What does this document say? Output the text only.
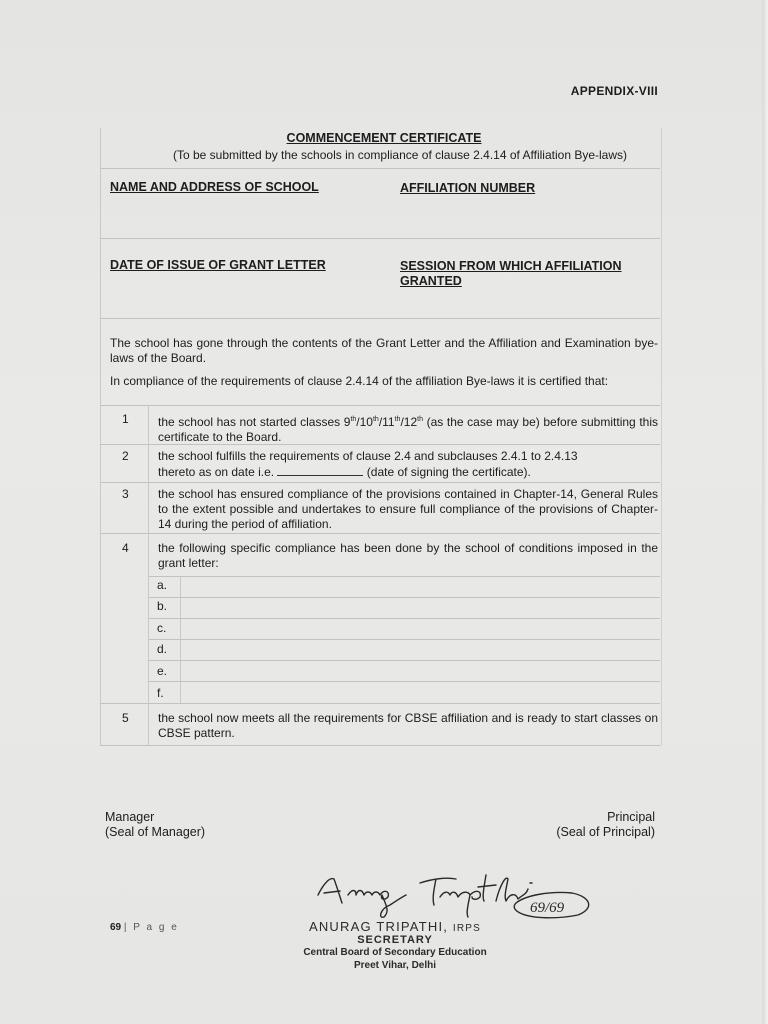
APPENDIX-VIII
COMMENCEMENT CERTIFICATE
(To be submitted by the schools in compliance of clause 2.4.14 of Affiliation Bye-laws)
NAME AND ADDRESS OF SCHOOL	AFFILIATION NUMBER
DATE OF ISSUE OF GRANT LETTER	SESSION FROM WHICH AFFILIATION
GRANTED
The school has gone through the contents of the Grant Letter and the Affiliation and Examination bye-laws of the Board.
In compliance of the requirements of clause 2.4.14 of the affiliation Bye-laws it is certified that:
1	the school has not started classes 9th/10th/11th/12th (as the case may be) before submitting this certificate to the Board.
2	the school fulfills the requirements of clause 2.4 and subclauses 2.4.1 to 2.4.13
thereto as on date i.e.	(date of signing the certificate).
3	the school has ensured compliance of the provisions contained in Chapter-14, General Rules to the extent possible and undertakes to ensure full compliance of the provisions of Chapter-14 during the period of affiliation.
4	the following specific compliance has been done by the school of conditions imposed in the grant letter:
a.
b.
c.
d.
e.
f.
5	the school now meets all the requirements for CBSE affiliation and is ready to start classes on CBSE pattern.
Manager
(Seal of Manager)
Principal
(Seal of Principal)
69/69
69 | P a g e	ANURAG TRIPATHI, IRPS
SECRETARY
Central Board of Secondary Education
Preet Vihar, Delhi
